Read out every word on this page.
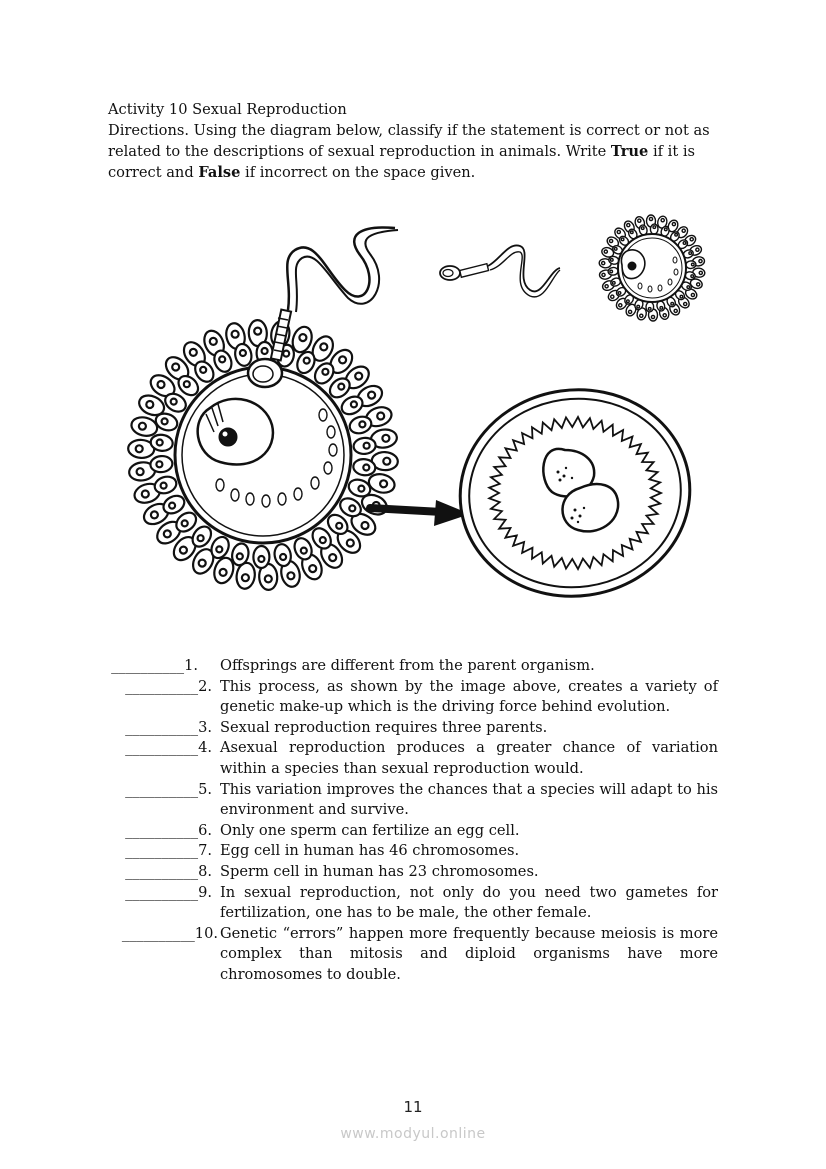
Activity 10 Sexual Reproduction

Directions. Using the diagram below, classify if the statement is correct or not as related to the descriptions of sexual reproduction in animals. Write True if it is correct and False if incorrect on the space given.

__________1. Offsprings are different from the parent organism.
__________2. This process, as shown by the image above, creates a variety of genetic make-up which is the driving force behind evolution.
__________3. Sexual reproduction requires three parents.
__________4. Asexual reproduction produces a greater chance of variation within a species than sexual reproduction would.
__________5. This variation improves the chances that a species will adapt to his environment and survive.
__________6. Only one sperm can fertilize an egg cell.
__________7. Egg cell in human has 46 chromosomes.
__________8. Sperm cell in human has 23 chromosomes.
__________9. In sexual reproduction, not only do you need two gametes for fertilization, one has to be male, the other female.
__________10. Genetic “errors” happen more frequently because meiosis is more complex than mitosis and diploid organisms have more chromosomes to double.
11
www.modyul.online
